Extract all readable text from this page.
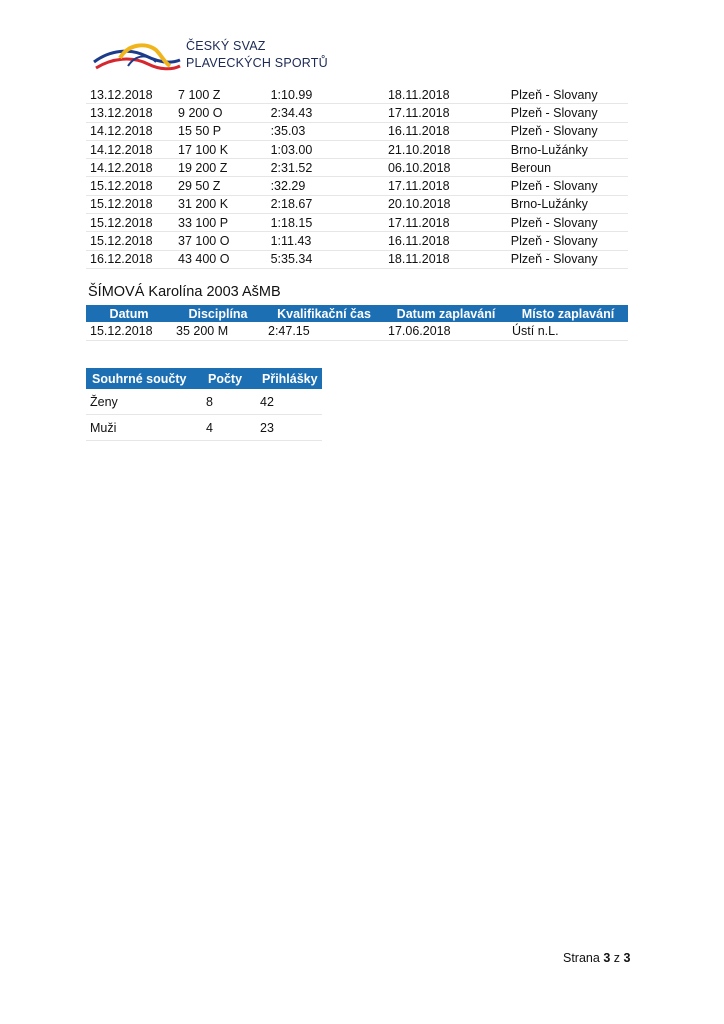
ČESKÝ SVAZ
PLAVECKÝCH SPORTŮ
13.12.2018	7 100 Z	1:10.99	18.11.2018	Plzeň - Slovany
13.12.2018	9 200 O	2:34.43	17.11.2018	Plzeň - Slovany
14.12.2018	15 50 P	:35.03	16.11.2018	Plzeň - Slovany
14.12.2018	17 100 K	1:03.00	21.10.2018	Brno-Lužánky
14.12.2018	19 200 Z	2:31.52	06.10.2018	Beroun
15.12.2018	29 50 Z	:32.29	17.11.2018	Plzeň - Slovany
15.12.2018	31 200 K	2:18.67	20.10.2018	Brno-Lužánky
15.12.2018	33 100 P	1:18.15	17.11.2018	Plzeň - Slovany
15.12.2018	37 100 O	1:11.43	16.11.2018	Plzeň - Slovany
16.12.2018	43 400 O	5:35.34	18.11.2018	Plzeň - Slovany
ŠÍMOVÁ Karolína 2003 AšMB
Datum	Disciplína	Kvalifikační čas	Datum zaplavání	Místo zaplavání
15.12.2018	35 200 M	2:47.15	17.06.2018	Ústí n.L.
Souhrné součty	Počty	Přihlášky
Ženy	8	42
Muži	4	23
Strana 3 z 3
